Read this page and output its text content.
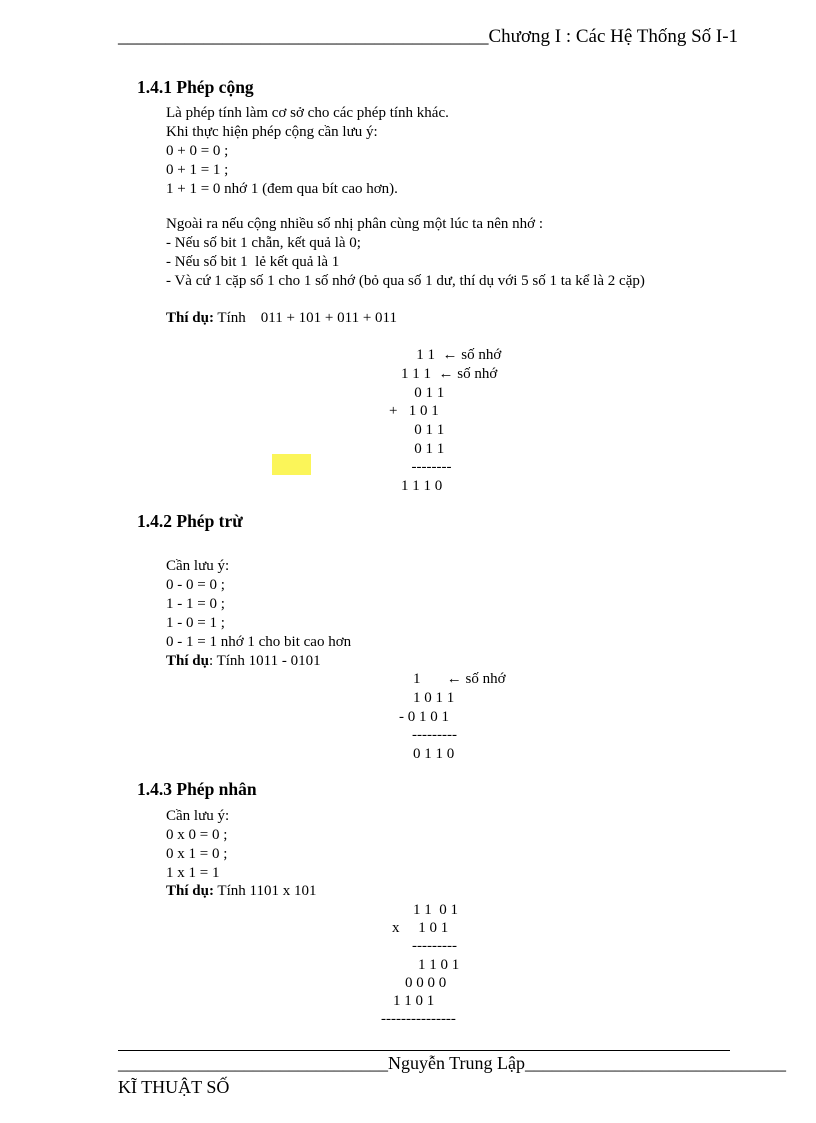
_______________________________________Chương I : Các Hệ Thống Số I-1
1.4.1 Phép cộng
Là phép tính làm cơ sở cho các phép tính khác.
Khi thực hiện phép cộng cần lưu ý:
0 + 0 = 0 ;
0 + 1 = 1 ;
1 + 1 = 0 nhớ 1 (đem qua bít cao hơn).
Ngoài ra nếu cộng nhiều số nhị phân cùng một lúc ta nên nhớ :
- Nếu số bit 1 chẵn, kết quả là 0;
- Nếu số bit 1  lẻ kết quả là 1
- Và cứ 1 cặp số 1 cho 1 số nhớ (bỏ qua số 1 dư, thí dụ với 5 số 1 ta kể là 2 cặp)
Thí dụ: Tính    011 + 101 + 011 + 011
1 1  ← số nhớ
1 1 1  ← số nhớ
0 1 1
+   1 0 1
0 1 1
0 1 1
--------
1 1 1 0
1.4.2 Phép trừ
Cần lưu ý:
0 - 0 = 0 ;
1 - 1 = 0 ;
1 - 0 = 1 ;
0 - 1 = 1 nhớ 1 cho bit cao hơn
Thí dụ: Tính 1011 - 0101
1       ← số nhớ
1 0 1 1
- 0 1 0 1
---------
0 1 1 0
1.4.3 Phép nhân
Cần lưu ý:
0 x 0 = 0 ;
0 x 1 = 0 ;
1 x 1 = 1
Thí dụ: Tính 1101 x 101
1 1  0 1
x     1 0 1
---------
1 1 0 1
0 0 0 0
1 1 0 1
---------------
______________________________Nguyễn Trung Lập_____________________________
KĨ THUẬT SỐ
